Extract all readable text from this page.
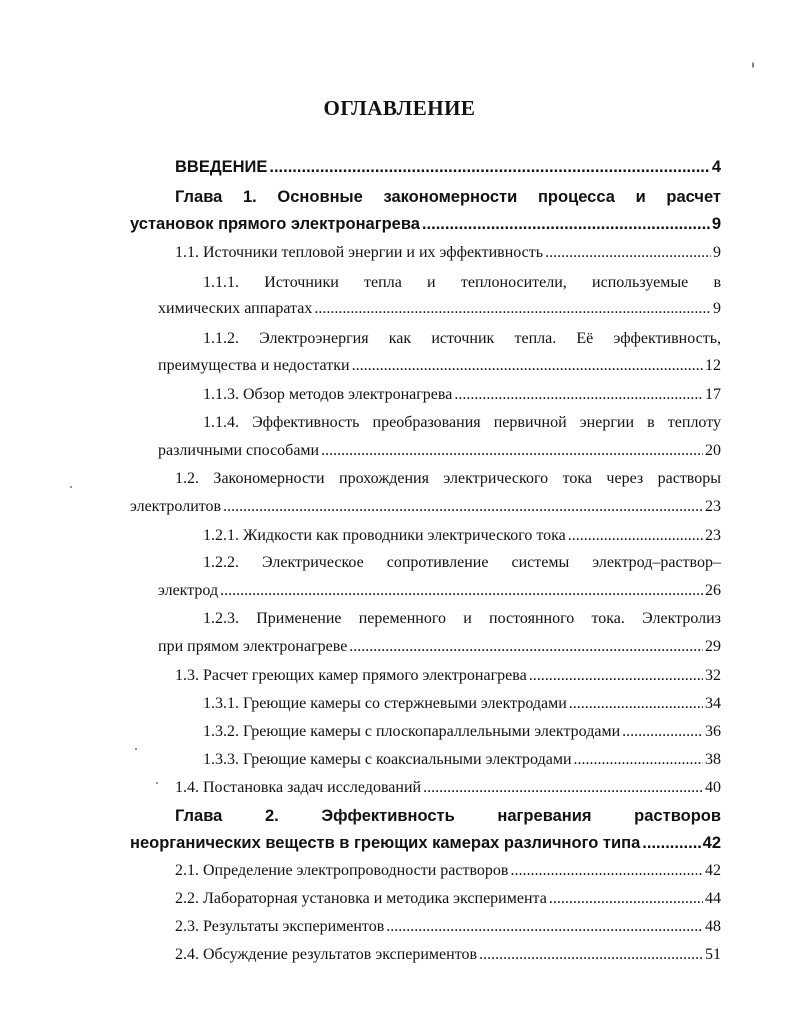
ОГЛАВЛЕНИЕ
ВВЕДЕНИЕ .....	4
Глава 1. Основные закономерности процесса и расчет
установок прямого электронагрева .....	9
1.1. Источники тепловой энергии и их эффективность .....	9
1.1.1. Источники тепла и теплоносители, используемые в
химических аппаратах .....	9
1.1.2. Электроэнергия как источник тепла. Её эффективность,
преимущества и недостатки .....	12
1.1.3. Обзор методов электронагрева .....	17
1.1.4. Эффективность преобразования первичной энергии в теплоту
различными способами .....	20
1.2. Закономерности прохождения электрического тока через растворы
электролитов .....	23
1.2.1. Жидкости как проводники электрического тока .....	23
1.2.2. Электрическое сопротивление системы электрод–раствор–
электрод .....	26
1.2.3. Применение переменного и постоянного тока. Электролиз
при прямом электронагреве .....	29
1.3. Расчет греющих камер прямого электронагрева .....	32
1.3.1. Греющие камеры со стержневыми электродами .....	34
1.3.2. Греющие камеры с плоскопараллельными электродами .....	36
1.3.3. Греющие камеры с коаксиальными электродами .....	38
1.4. Постановка задач исследований .....	40
Глава 2. Эффективность нагревания растворов
неорганических веществ в греющих камерах различного типа .....	42
2.1. Определение электропроводности растворов .....	42
2.2. Лабораторная установка и методика эксперимента .....	44
2.3. Результаты экспериментов .....	48
2.4. Обсуждение результатов экспериментов .....	51
